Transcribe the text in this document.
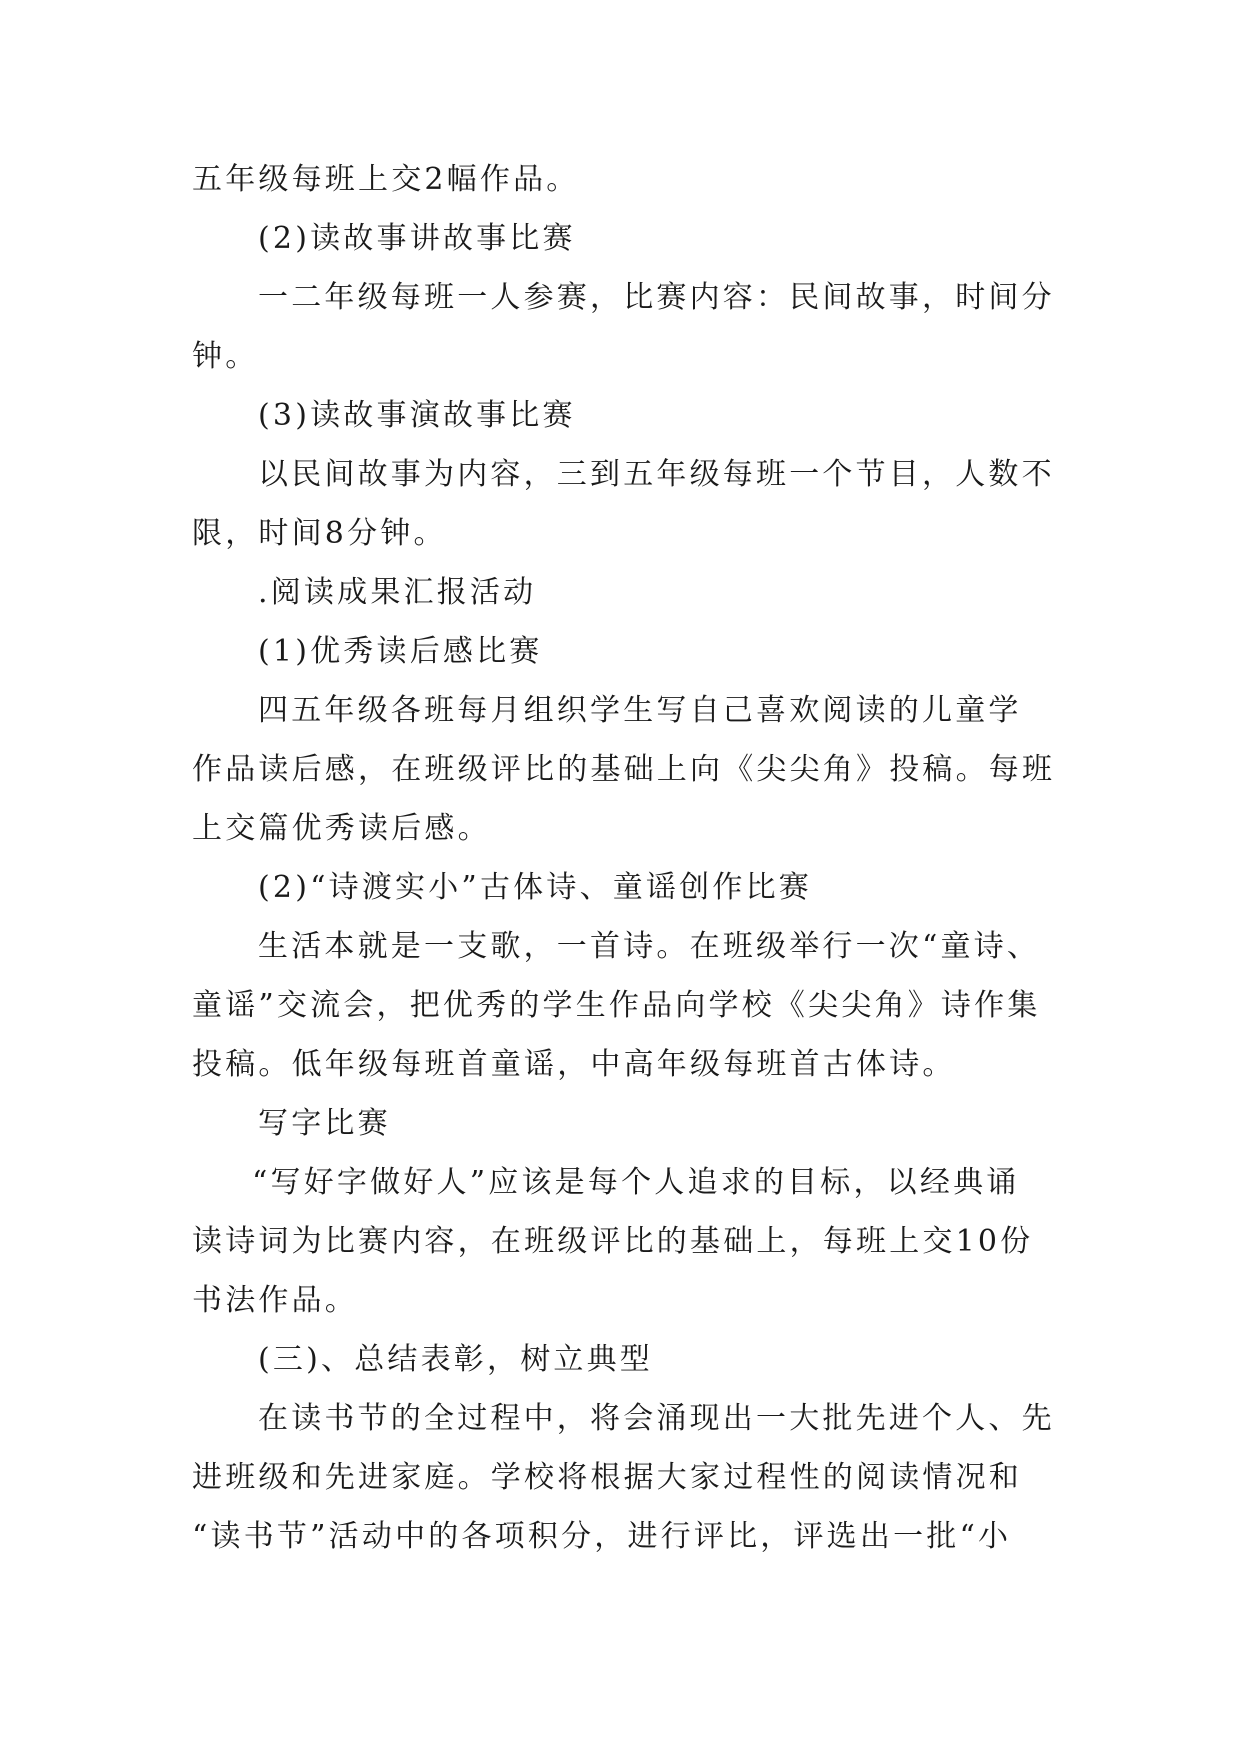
五年级每班上交2幅作品。
(2)读故事讲故事比赛
一二年级每班一人参赛，比赛内容：民间故事，时间分
钟。
(3)读故事演故事比赛
以民间故事为内容，三到五年级每班一个节目，人数不
限，时间8分钟。
.阅读成果汇报活动
(1)优秀读后感比赛
四五年级各班每月组织学生写自己喜欢阅读的儿童学
作品读后感，在班级评比的基础上向《尖尖角》投稿。每班
上交篇优秀读后感。
(2)“诗渡实小”古体诗、童谣创作比赛
生活本就是一支歌，一首诗。在班级举行一次“童诗、
童谣”交流会，把优秀的学生作品向学校《尖尖角》诗作集
投稿。低年级每班首童谣，中高年级每班首古体诗。
写字比赛
“写好字做好人”应该是每个人追求的目标，以经典诵
读诗词为比赛内容，在班级评比的基础上，每班上交10份
书法作品。
(三)、总结表彰，树立典型
在读书节的全过程中，将会涌现出一大批先进个人、先
进班级和先进家庭。学校将根据大家过程性的阅读情况和
“读书节”活动中的各项积分，进行评比，评选出一批“小
